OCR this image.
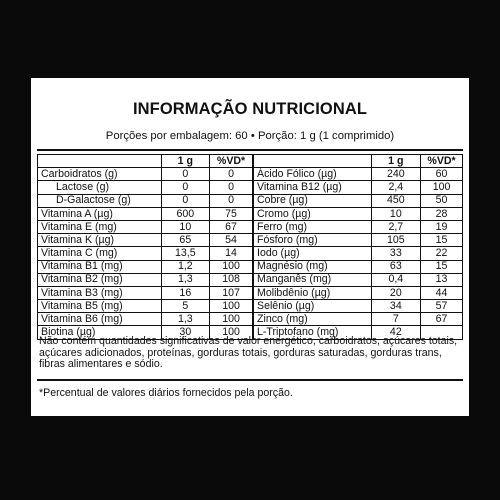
INFORMAÇÃO NUTRICIONAL
Porções por embalagem: 60 • Porção: 1 g (1 comprimido)
	1 g	%VD*
Carboidratos (g)	0	0
Lactose (g)	0	0
D-Galactose (g)	0	0
Vitamina A (µg)	600	75
Vitamina E (mg)	10	67
Vitamina K (µg)	65	54
Vitamina C (mg)	13,5	14
Vitamina B1 (mg)	1,2	100
Vitamina B2 (mg)	1,3	108
Vitamina B3 (mg)	16	107
Vitamina B5 (mg)	5	100
Vitamina B6 (mg)	1,3	100
Biotina (µg)	30	100
	1 g	%VD*
Ácido Fólico (µg)	240	60
Vitamina B12 (µg)	2,4	100
Cobre (µg)	450	50
Cromo (µg)	10	28
Ferro (mg)	2,7	19
Fósforo (mg)	105	15
Iodo (µg)	33	22
Magnésio (mg)	63	15
Manganês (mg)	0,4	13
Molibdênio (µg)	20	44
Selênio (µg)	34	57
Zinco (mg)	7	67
L-Triptofano (mg)	42	
Não contém quantidades significativas de valor energético, carboidratos, açúcares totais, açúcares adicionados, proteínas, gorduras totais, gorduras saturadas, gorduras trans, fibras alimentares e sódio.
*Percentual de valores diários fornecidos pela porção.
